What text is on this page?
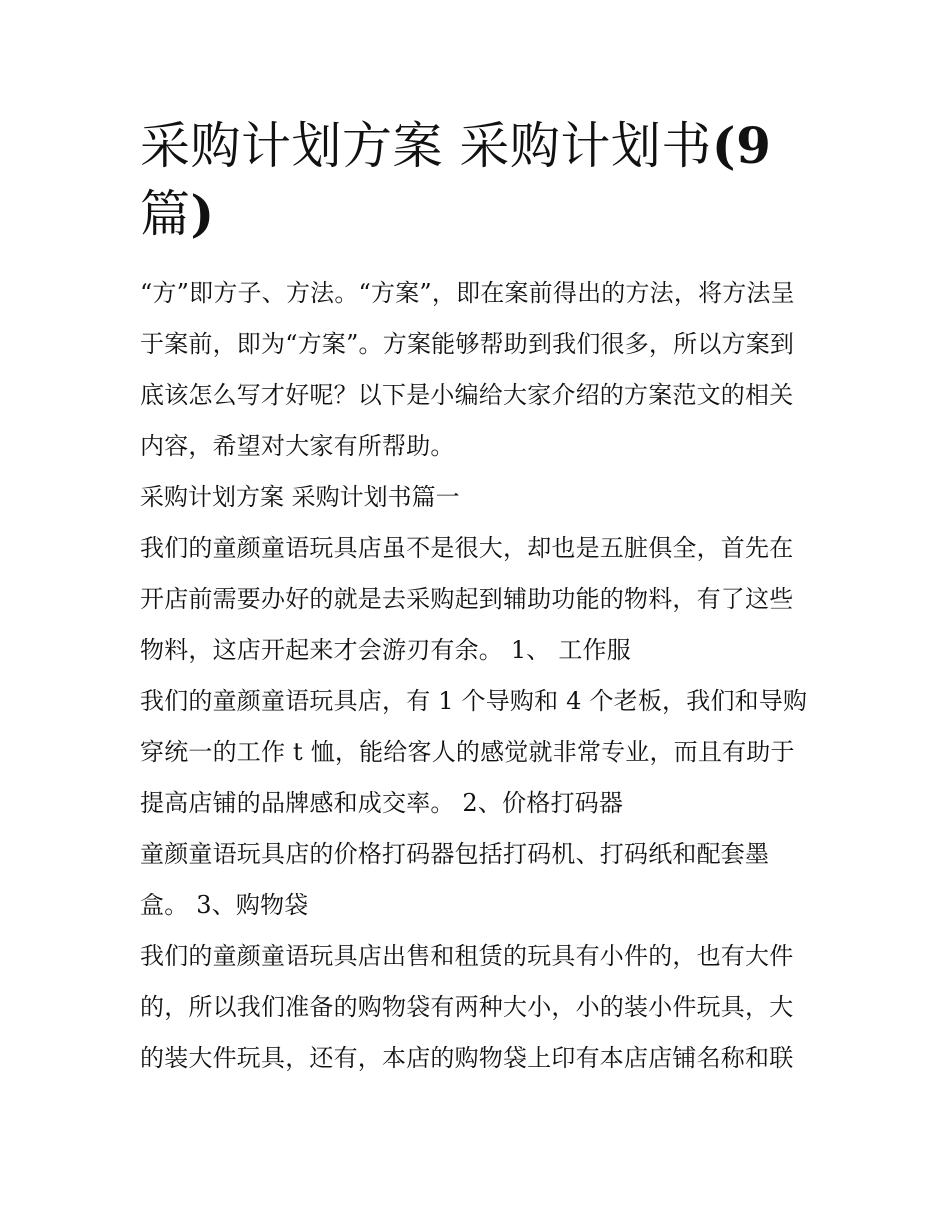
采购计划方案 采购计划书(9
篇)

“方”即方子、方法。“方案”，即在案前得出的方法，将方法呈于案前，即为“方案”。方案能够帮助到我们很多，所以方案到底该怎么写才好呢？以下是小编给大家介绍的方案范文的相关内容，希望对大家有所帮助。

采购计划方案 采购计划书篇一

我们的童颜童语玩具店虽不是很大，却也是五脏俱全，首先在开店前需要办好的就是去采购起到辅助功能的物料，有了这些物料，这店开起来才会游刃有余。 1、 工作服

我们的童颜童语玩具店，有 1 个导购和 4 个老板，我们和导购穿统一的工作 t 恤，能给客人的感觉就非常专业，而且有助于提高店铺的品牌感和成交率。 2、价格打码器

童颜童语玩具店的价格打码器包括打码机、打码纸和配套墨盒。 3、购物袋

我们的童颜童语玩具店出售和租赁的玩具有小件的，也有大件的，所以我们准备的购物袋有两种大小，小的装小件玩具，大的装大件玩具，还有，本店的购物袋上印有本店店铺名称和联
